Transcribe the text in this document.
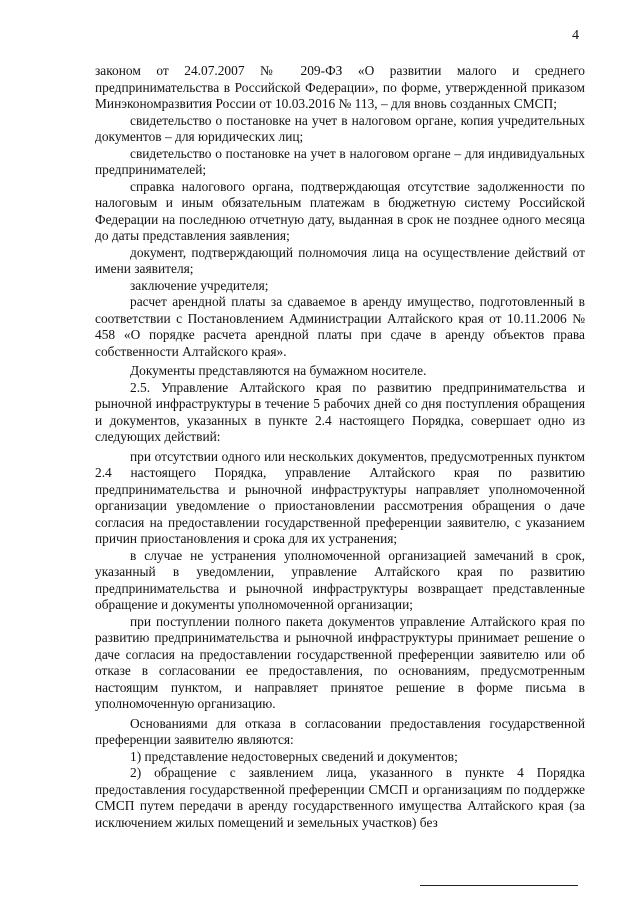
4

законом от 24.07.2007 № 209-ФЗ «О развитии малого и среднего предпринимательства в Российской Федерации», по форме, утвержденной приказом Минэкономразвития России от 10.03.2016 № 113, – для вновь созданных СМСП;

свидетельство о постановке на учет в налоговом органе, копия учредительных документов – для юридических лиц;

свидетельство о постановке на учет в налоговом органе – для индивидуальных предпринимателей;

справка налогового органа, подтверждающая отсутствие задолженности по налоговым и иным обязательным платежам в бюджетную систему Российской Федерации на последнюю отчетную дату, выданная в срок не позднее одного месяца до даты представления заявления;

документ, подтверждающий полномочия лица на осуществление действий от имени заявителя;

заключение учредителя;

расчет арендной платы за сдаваемое в аренду имущество, подготовленный в соответствии с Постановлением Администрации Алтайского края от 10.11.2006 № 458 «О порядке расчета арендной платы при сдаче в аренду объектов права собственности Алтайского края».

Документы представляются на бумажном носителе.

2.5. Управление Алтайского края по развитию предпринимательства и рыночной инфраструктуры в течение 5 рабочих дней со дня поступления обращения и документов, указанных в пункте 2.4 настоящего Порядка, совершает одно из следующих действий:

при отсутствии одного или нескольких документов, предусмотренных пунктом 2.4 настоящего Порядка, управление Алтайского края по развитию предпринимательства и рыночной инфраструктуры направляет уполномоченной организации уведомление о приостановлении рассмотрения обращения о даче согласия на предоставлении государственной преференции заявителю, с указанием причин приостановления и срока для их устранения;

в случае не устранения уполномоченной организацией замечаний в срок, указанный в уведомлении, управление Алтайского края по развитию предпринимательства и рыночной инфраструктуры возвращает представленные обращение и документы уполномоченной организации;

при поступлении полного пакета документов управление Алтайского края по развитию предпринимательства и рыночной инфраструктуры принимает решение о даче согласия на предоставлении государственной преференции заявителю или об отказе в согласовании ее предоставления, по основаниям, предусмотренным настоящим пунктом, и направляет принятое решение в форме письма в уполномоченную организацию.

Основаниями для отказа в согласовании предоставления государственной преференции заявителю являются:

1) представление недостоверных сведений и документов;

2) обращение с заявлением лица, указанного в пункте 4 Порядка предоставления государственной преференции СМСП и организациям по поддержке СМСП путем передачи в аренду государственного имущества Алтайского края (за исключением жилых помещений и земельных участков) без
